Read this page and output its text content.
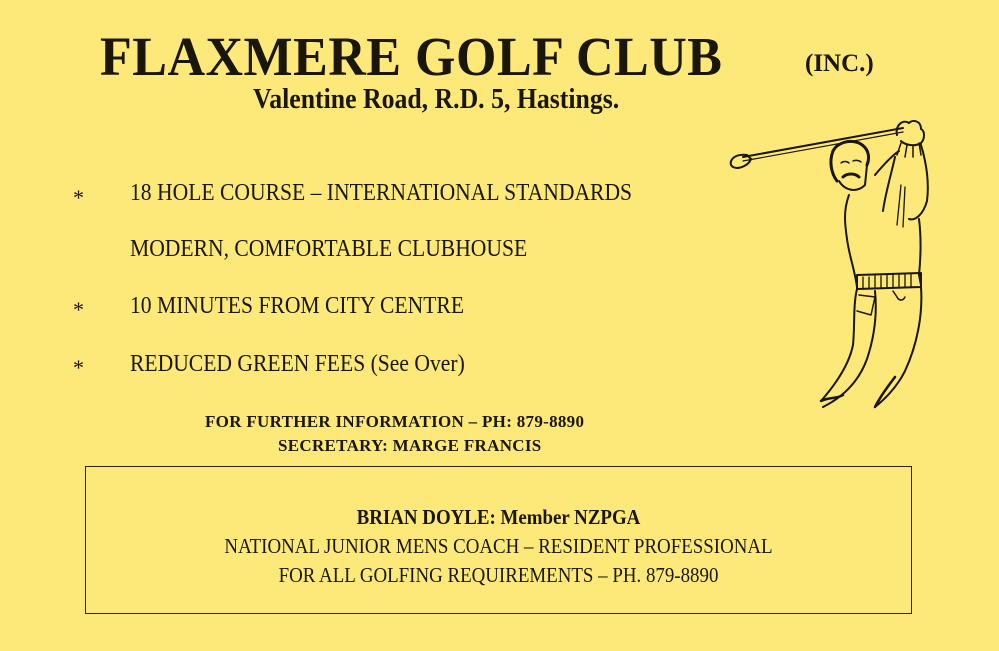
FLAXMERE GOLF CLUB	(INC.)
Valentine Road, R.D. 5, Hastings.
* 18 HOLE COURSE – INTERNATIONAL STANDARDS
MODERN, COMFORTABLE CLUBHOUSE
* 10 MINUTES FROM CITY CENTRE
* REDUCED GREEN FEES (See Over)
FOR FURTHER INFORMATION – PH: 879-8890
SECRETARY: MARGE FRANCIS
BRIAN DOYLE: Member NZPGA
NATIONAL JUNIOR MENS COACH – RESIDENT PROFESSIONAL
FOR ALL GOLFING REQUIREMENTS – PH. 879-8890
